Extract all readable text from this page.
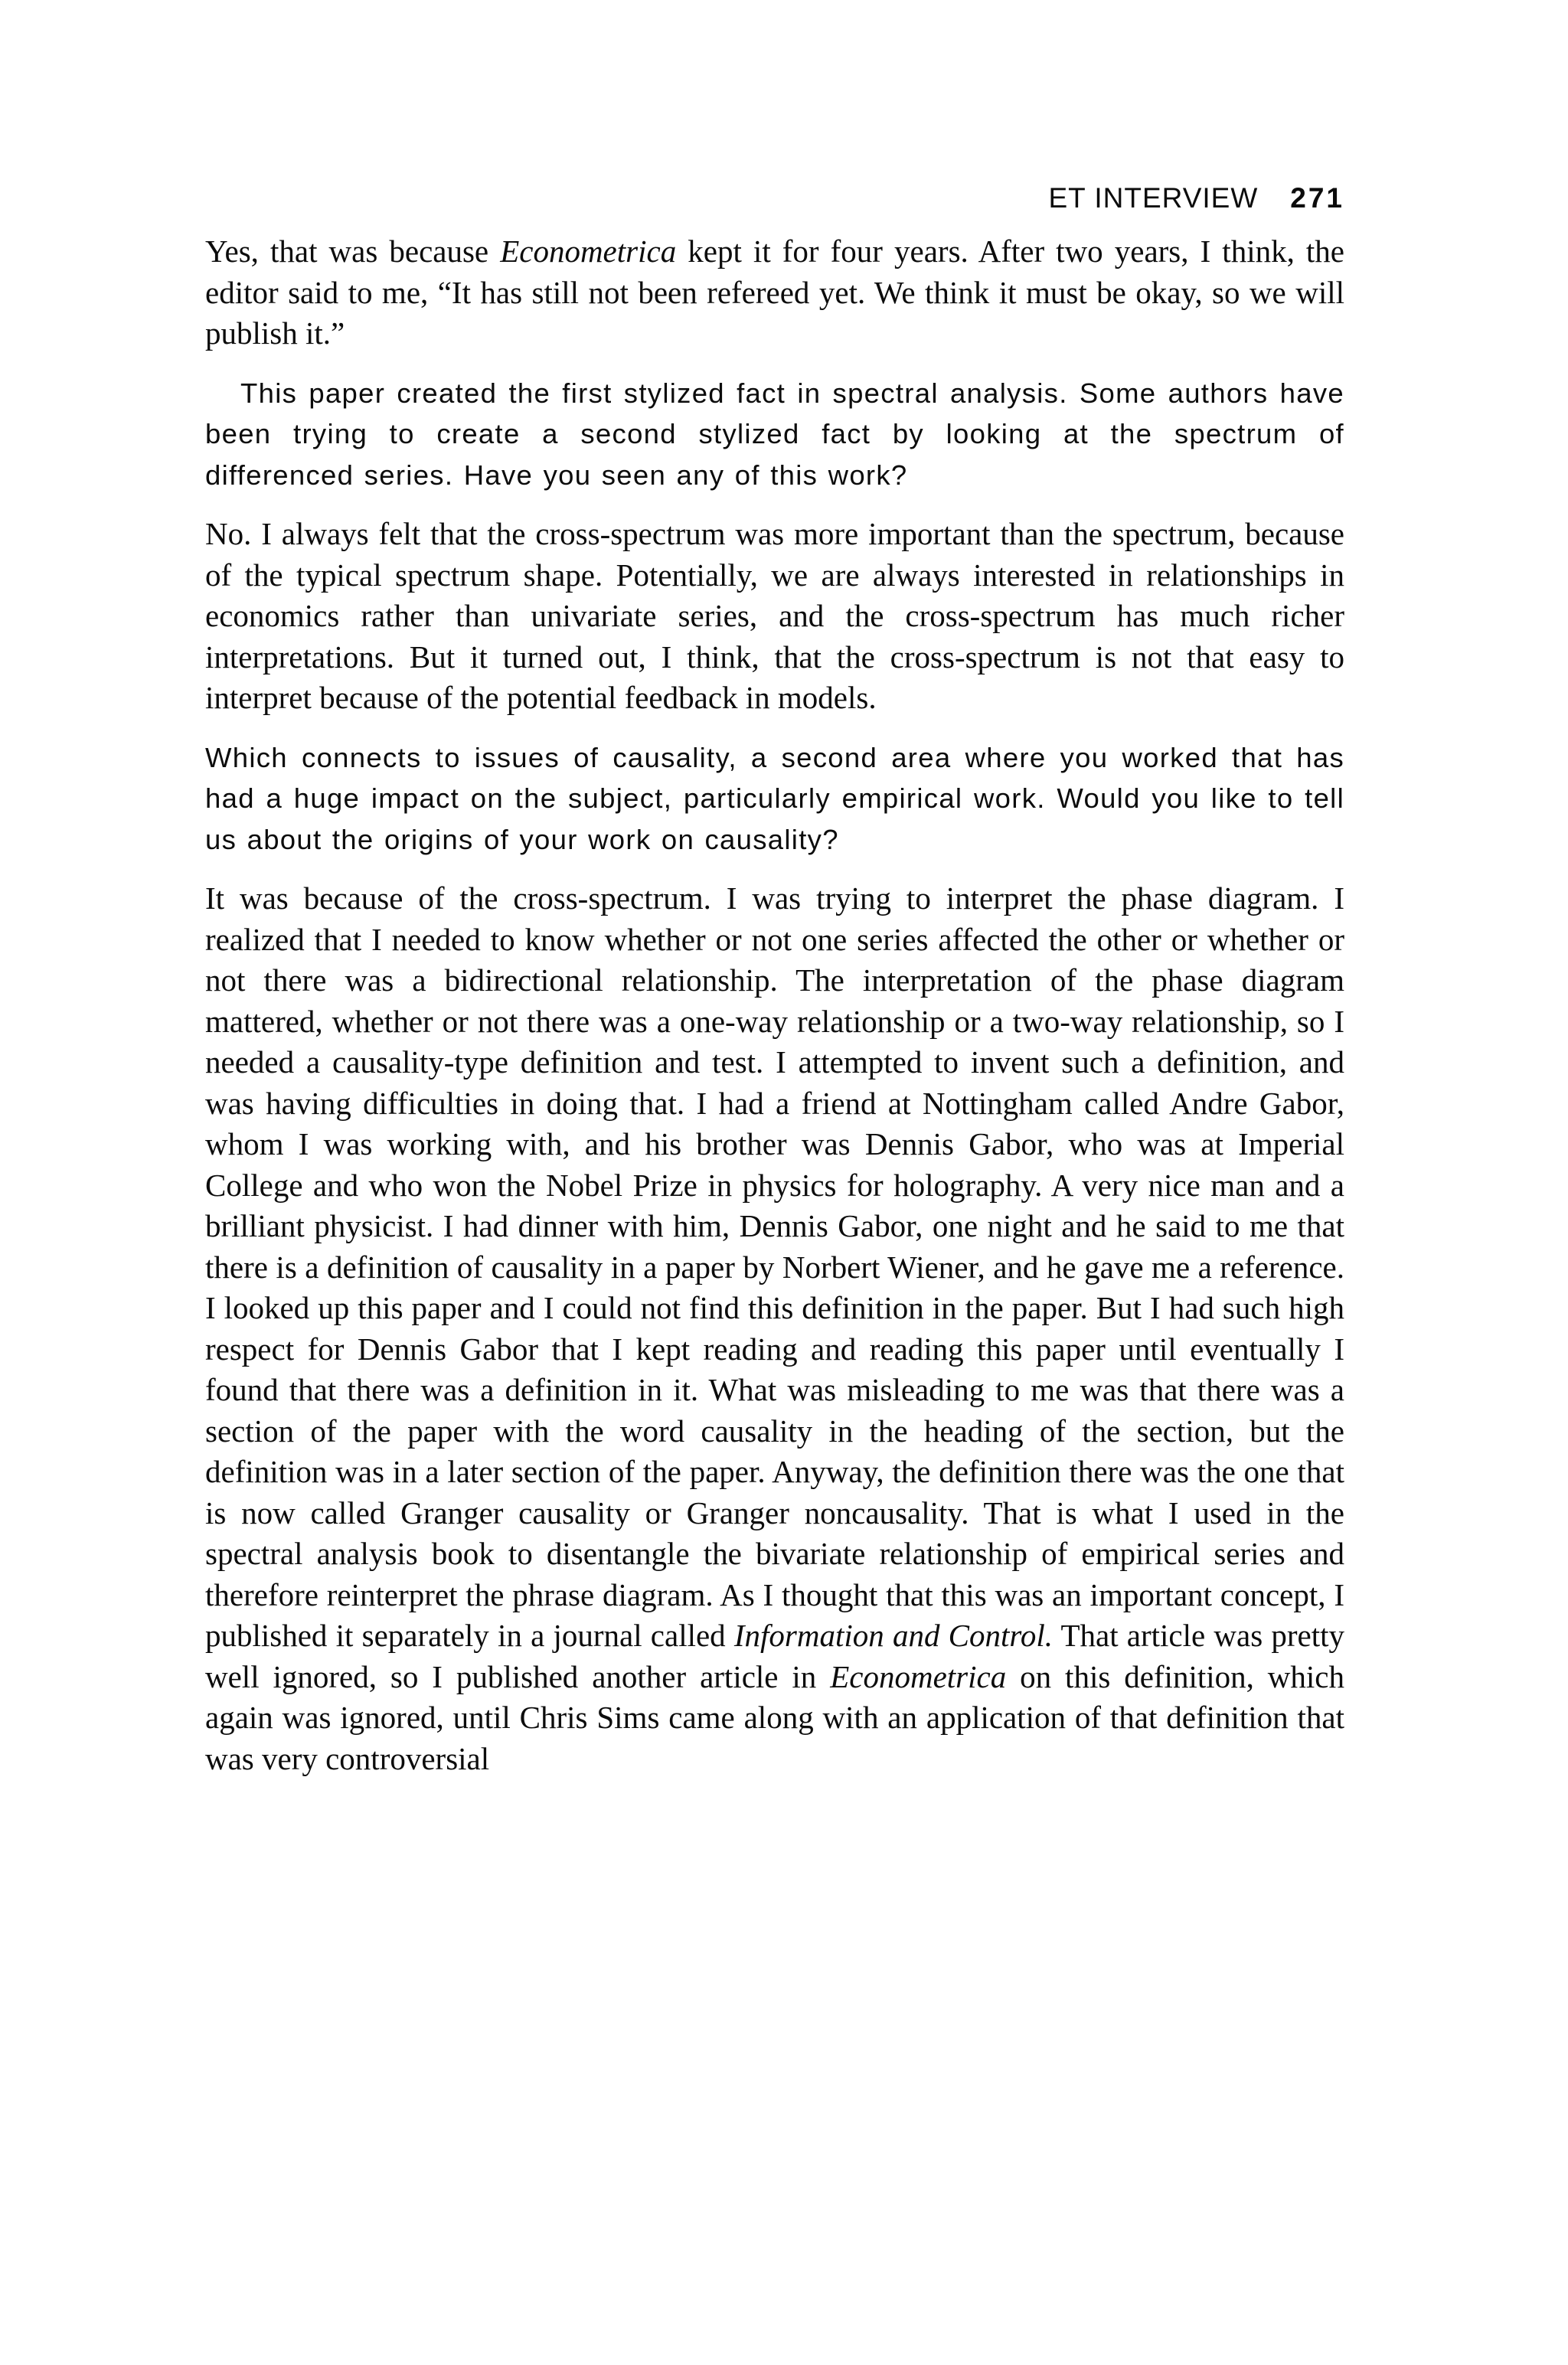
ET INTERVIEW 271

Yes, that was because Econometrica kept it for four years. After two years, I think, the editor said to me, “It has still not been refereed yet. We think it must be okay, so we will publish it.”

This paper created the first stylized fact in spectral analysis. Some authors have been trying to create a second stylized fact by looking at the spectrum of differenced series. Have you seen any of this work?

No. I always felt that the cross-spectrum was more important than the spectrum, because of the typical spectrum shape. Potentially, we are always interested in relationships in economics rather than univariate series, and the cross-spectrum has much richer interpretations. But it turned out, I think, that the cross-spectrum is not that easy to interpret because of the potential feedback in models.

Which connects to issues of causality, a second area where you worked that has had a huge impact on the subject, particularly empirical work. Would you like to tell us about the origins of your work on causality?

It was because of the cross-spectrum. I was trying to interpret the phase diagram. I realized that I needed to know whether or not one series affected the other or whether or not there was a bidirectional relationship. The interpretation of the phase diagram mattered, whether or not there was a one-way relationship or a two-way relationship, so I needed a causality-type definition and test. I attempted to invent such a definition, and was having difficulties in doing that. I had a friend at Nottingham called Andre Gabor, whom I was working with, and his brother was Dennis Gabor, who was at Imperial College and who won the Nobel Prize in physics for holography. A very nice man and a brilliant physicist. I had dinner with him, Dennis Gabor, one night and he said to me that there is a definition of causality in a paper by Norbert Wiener, and he gave me a reference. I looked up this paper and I could not find this definition in the paper. But I had such high respect for Dennis Gabor that I kept reading and reading this paper until eventually I found that there was a definition in it. What was misleading to me was that there was a section of the paper with the word causality in the heading of the section, but the definition was in a later section of the paper. Anyway, the definition there was the one that is now called Granger causality or Granger noncausality. That is what I used in the spectral analysis book to disentangle the bivariate relationship of empirical series and therefore reinterpret the phrase diagram. As I thought that this was an important concept, I published it separately in a journal called Information and Control. That article was pretty well ignored, so I published another article in Econometrica on this definition, which again was ignored, until Chris Sims came along with an application of that definition that was very controversial
